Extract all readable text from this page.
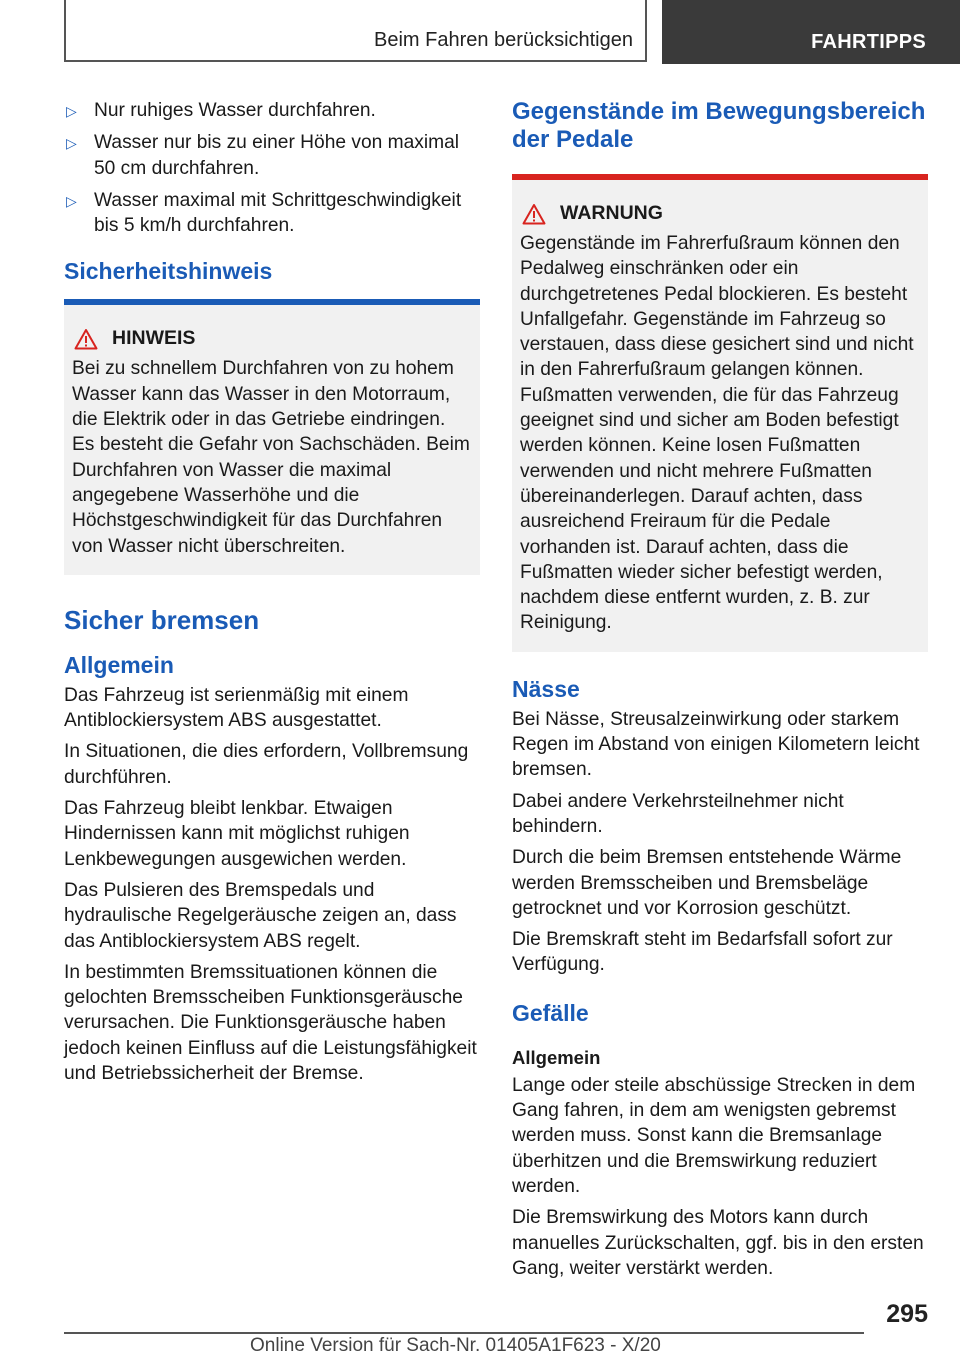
Beim Fahren berücksichtigen	FAHRTIPPS
▷ Nur ruhiges Wasser durchfahren.
▷ Wasser nur bis zu einer Höhe von maximal 50 cm durchfahren.
▷ Wasser maximal mit Schrittgeschwindigkeit bis 5 km/h durchfahren.
Sicherheitshinweis
HINWEIS

Bei zu schnellem Durchfahren von zu hohem Wasser kann das Wasser in den Motorraum, die Elektrik oder in das Getriebe eindringen. Es besteht die Gefahr von Sachschäden. Beim Durchfahren von Wasser die maximal angegebene Wasserhöhe und die Höchstgeschwindigkeit für das Durchfahren von Wasser nicht überschreiten.

Sicher bremsen
Allgemein

Das Fahrzeug ist serienmäßig mit einem Antiblockiersystem ABS ausgestattet.

In Situationen, die dies erfordern, Vollbremsung durchführen.

Das Fahrzeug bleibt lenkbar. Etwaigen Hindernissen kann mit möglichst ruhigen Lenkbewegungen ausgewichen werden.

Das Pulsieren des Bremspedals und hydraulische Regelgeräusche zeigen an, dass das Antiblockiersystem ABS regelt.

In bestimmten Bremssituationen können die gelochten Bremsscheiben Funktionsgeräusche verursachen. Die Funktionsgeräusche haben jedoch keinen Einfluss auf die Leistungsfähigkeit und Betriebssicherheit der Bremse.

Gegenstände im Bewegungsbereich der Pedale
WARNUNG

Gegenstände im Fahrerfußraum können den Pedalweg einschränken oder ein durchgetretenes Pedal blockieren. Es besteht Unfallgefahr. Gegenstände im Fahrzeug so verstauen, dass diese gesichert sind und nicht in den Fahrerfußraum gelangen können. Fußmatten verwenden, die für das Fahrzeug geeignet sind und sicher am Boden befestigt werden können. Keine losen Fußmatten verwenden und nicht mehrere Fußmatten übereinanderlegen. Darauf achten, dass ausreichend Freiraum für die Pedale vorhanden ist. Darauf achten, dass die Fußmatten wieder sicher befestigt werden, nachdem diese entfernt wurden, z. B. zur Reinigung.

Nässe

Bei Nässe, Streusalzeinwirkung oder starkem Regen im Abstand von einigen Kilometern leicht bremsen.

Dabei andere Verkehrsteilnehmer nicht behindern.

Durch die beim Bremsen entstehende Wärme werden Bremsscheiben und Bremsbeläge getrocknet und vor Korrosion geschützt.

Die Bremskraft steht im Bedarfsfall sofort zur Verfügung.

Gefälle
Allgemein

Lange oder steile abschüssige Strecken in dem Gang fahren, in dem am wenigsten gebremst werden muss. Sonst kann die Bremsanlage überhitzen und die Bremswirkung reduziert werden.

Die Bremswirkung des Motors kann durch manuelles Zurückschalten, ggf. bis in den ersten Gang, weiter verstärkt werden.

295
Online Version für Sach-Nr. 01405A1F623 - X/20
